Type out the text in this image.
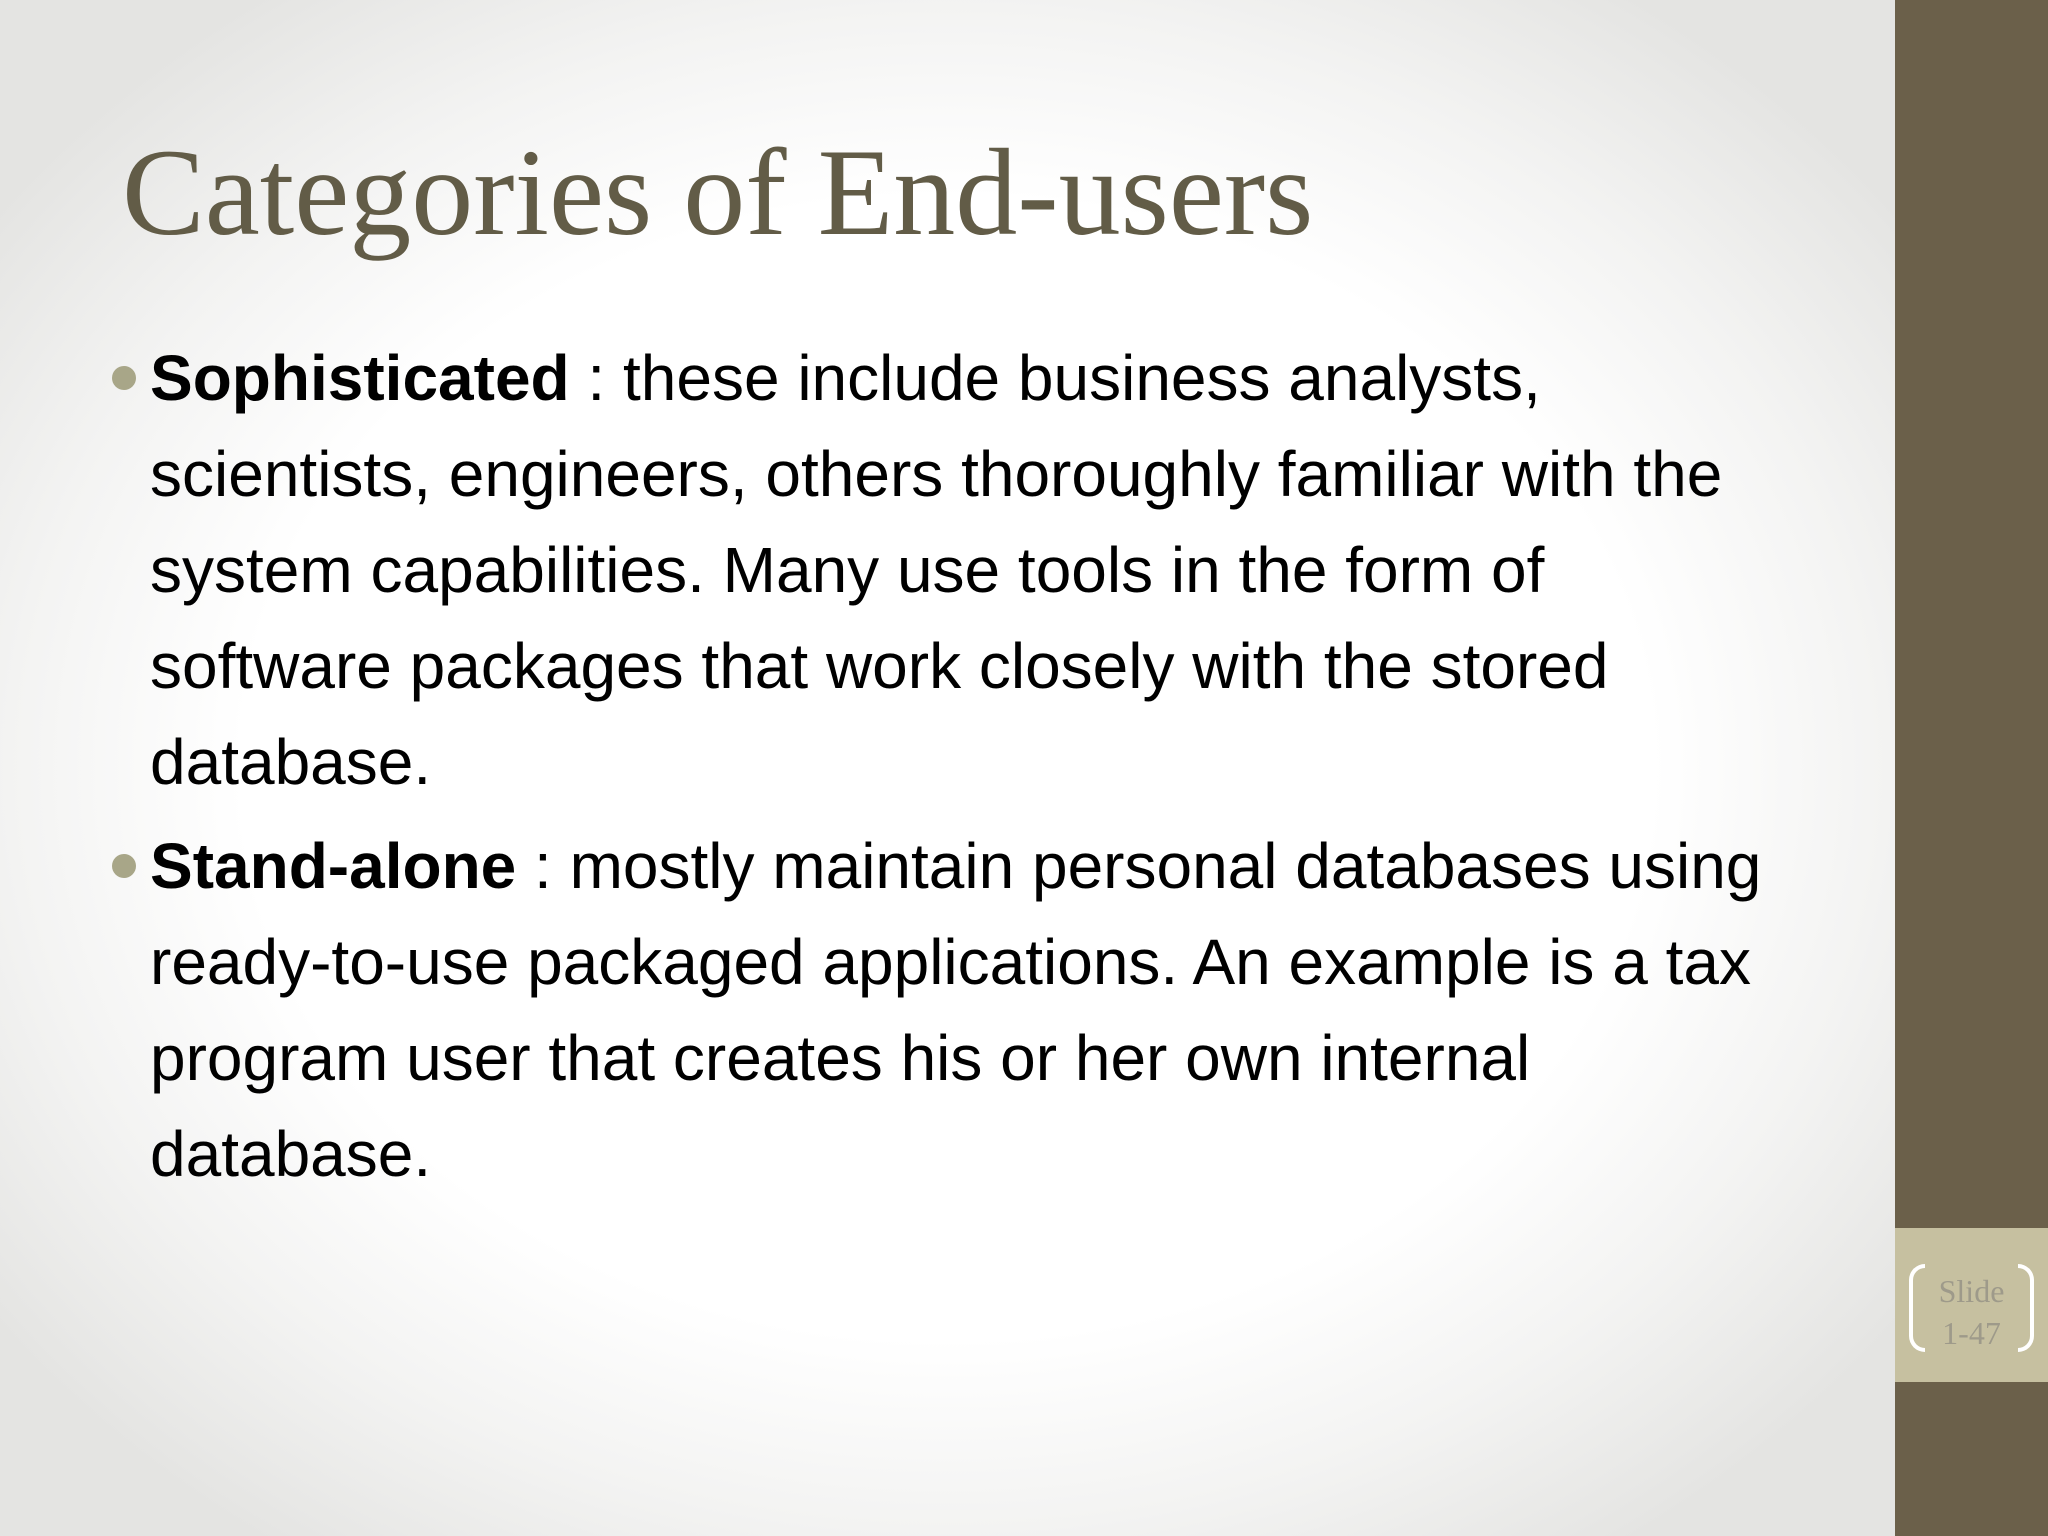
Categories of End-users
Sophisticated : these include business analysts, scientists, engineers, others thoroughly familiar with the system capabilities. Many use tools in the form of software packages that work closely with the stored database.
Stand-alone : mostly maintain personal databases using ready-to-use packaged applications. An example is a tax program user that creates his or her own internal database.
Slide
1-47
